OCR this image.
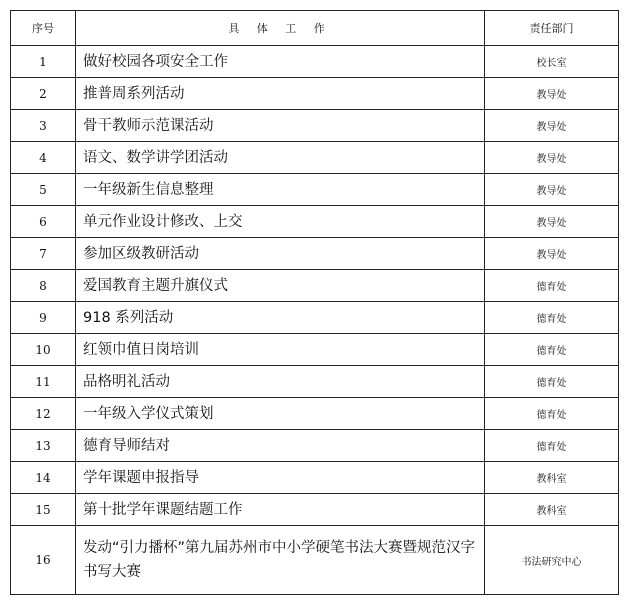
序号	具 体 工 作	责任部门
1	做好校园各项安全工作	校长室
2	推普周系列活动	教导处
3	骨干教师示范课活动	教导处
4	语文、数学讲学团活动	教导处
5	一年级新生信息整理	教导处
6	单元作业设计修改、上交	教导处
7	参加区级教研活动	教导处
8	爱国教育主题升旗仪式	德育处
9	918 系列活动	德育处
10	红领巾值日岗培训	德育处
11	品格明礼活动	德育处
12	一年级入学仪式策划	德育处
13	德育导师结对	德育处
14	学年课题申报指导	教科室
15	第十批学年课题结题工作	教科室
16	发动“引力播杯”第九届苏州市中小学硬笔书法大赛暨规范汉字书写大赛	书法研究中心
